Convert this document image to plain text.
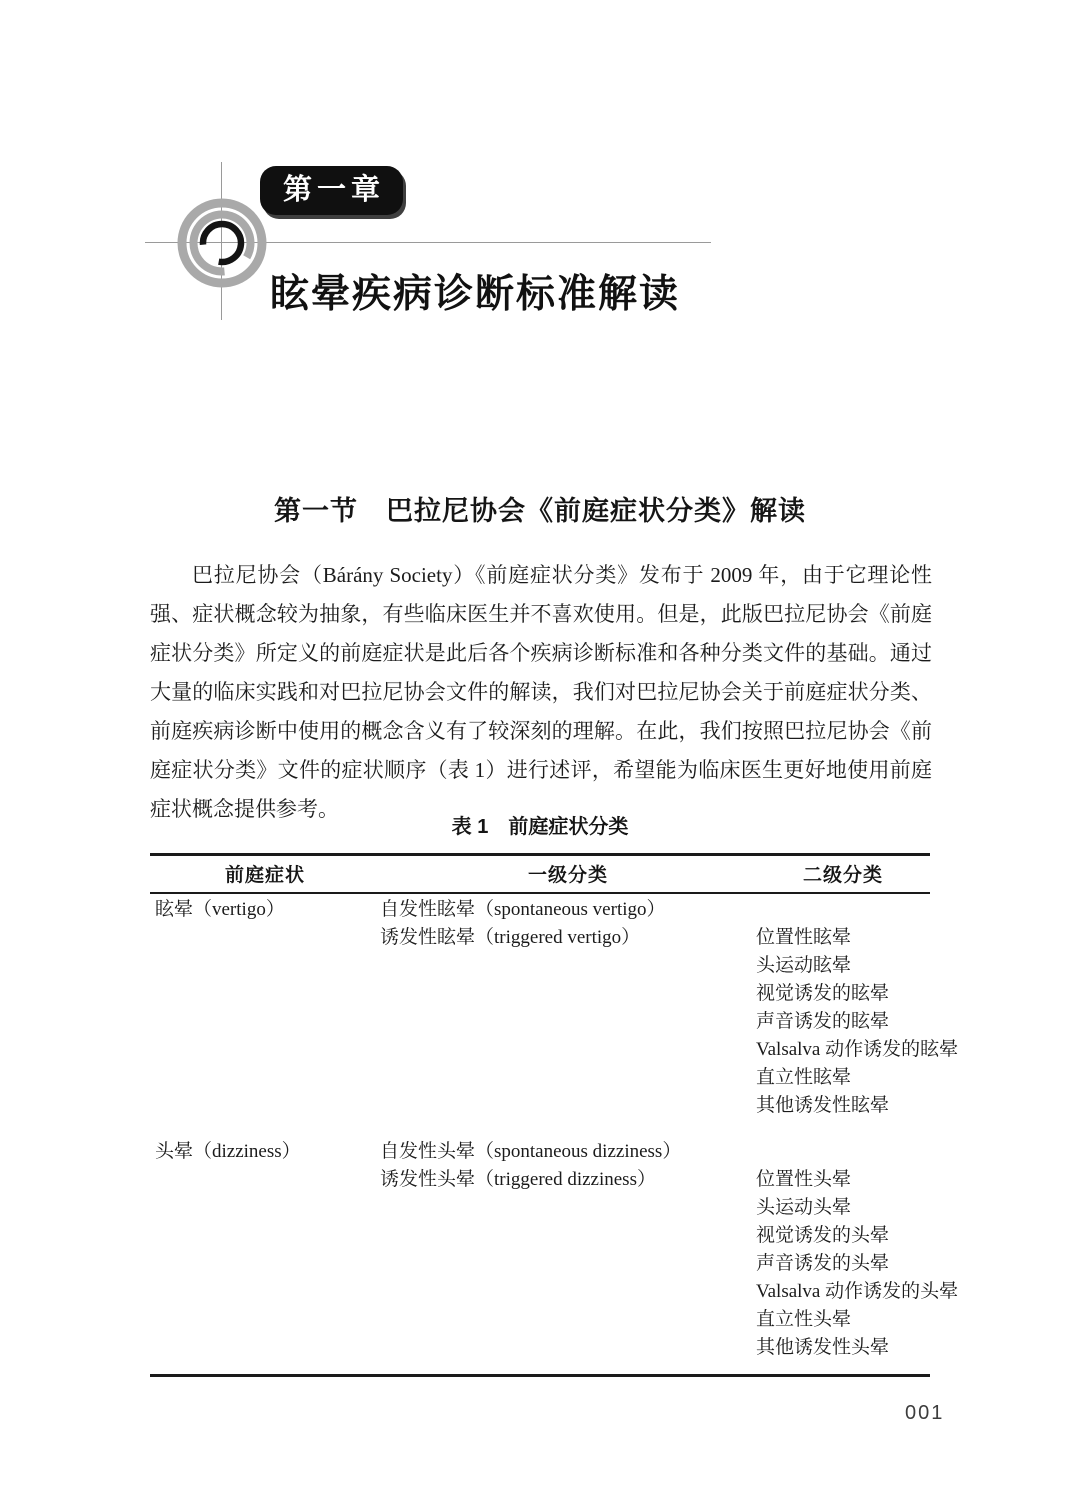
第一章
眩晕疾病诊断标准解读
第一节　巴拉尼协会《前庭症状分类》解读

巴拉尼协会（Bárány Society）《前庭症状分类》发布于 2009 年，由于它理论性强、症状概念较为抽象，有些临床医生并不喜欢使用。但是，此版巴拉尼协会《前庭症状分类》所定义的前庭症状是此后各个疾病诊断标准和各种分类文件的基础。通过大量的临床实践和对巴拉尼协会文件的解读，我们对巴拉尼协会关于前庭症状分类、前庭疾病诊断中使用的概念含义有了较深刻的理解。在此，我们按照巴拉尼协会《前庭症状分类》文件的症状顺序（表 1）进行述评，希望能为临床医生更好地使用前庭症状概念提供参考。

表 1　前庭症状分类
前庭症状	一级分类	二级分类
眩晕（vertigo）	自发性眩晕（spontaneous vertigo）	
	诱发性眩晕（triggered vertigo）	位置性眩晕
		头运动眩晕
		视觉诱发的眩晕
		声音诱发的眩晕
		Valsalva 动作诱发的眩晕
		直立性眩晕
		其他诱发性眩晕
头晕（dizziness）	自发性头晕（spontaneous dizziness）	
	诱发性头晕（triggered dizziness）	位置性头晕
		头运动头晕
		视觉诱发的头晕
		声音诱发的头晕
		Valsalva 动作诱发的头晕
		直立性头晕
		其他诱发性头晕
001
